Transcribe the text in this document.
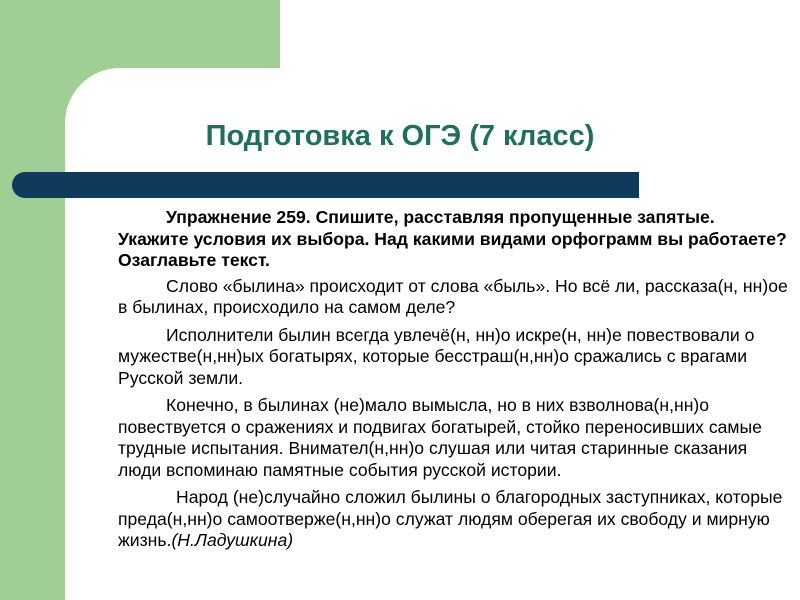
Подготовка к ОГЭ (7 класс)

Упражнение 259. Спишите, расставляя пропущенные запятые. Укажите условия их выбора. Над какими видами орфограмм вы работаете? Озаглавьте текст.

Слово «былина» происходит от слова «быль». Но всё ли, рассказа(н, нн)ое в былинах, происходило на самом деле?

Исполнители былин всегда увлечё(н, нн)о искре(н, нн)е повествовали о мужестве(н,нн)ых богатырях, которые бесстраш(н,нн)о сражались с врагами Русской земли.

Конечно, в былинах (не)мало вымысла, но в них взволнова(н,нн)о повествуется о сражениях и подвигах богатырей, стойко переносивших самые трудные испытания. Внимател(н,нн)о слушая или читая старинные сказания люди вспоминаю памятные события русской истории.

Народ (не)случайно сложил былины о благородных заступниках, которые преда(н,нн)о самоотверже(н,нн)о служат людям оберегая их свободу и мирную жизнь.(Н.Ладушкина)
